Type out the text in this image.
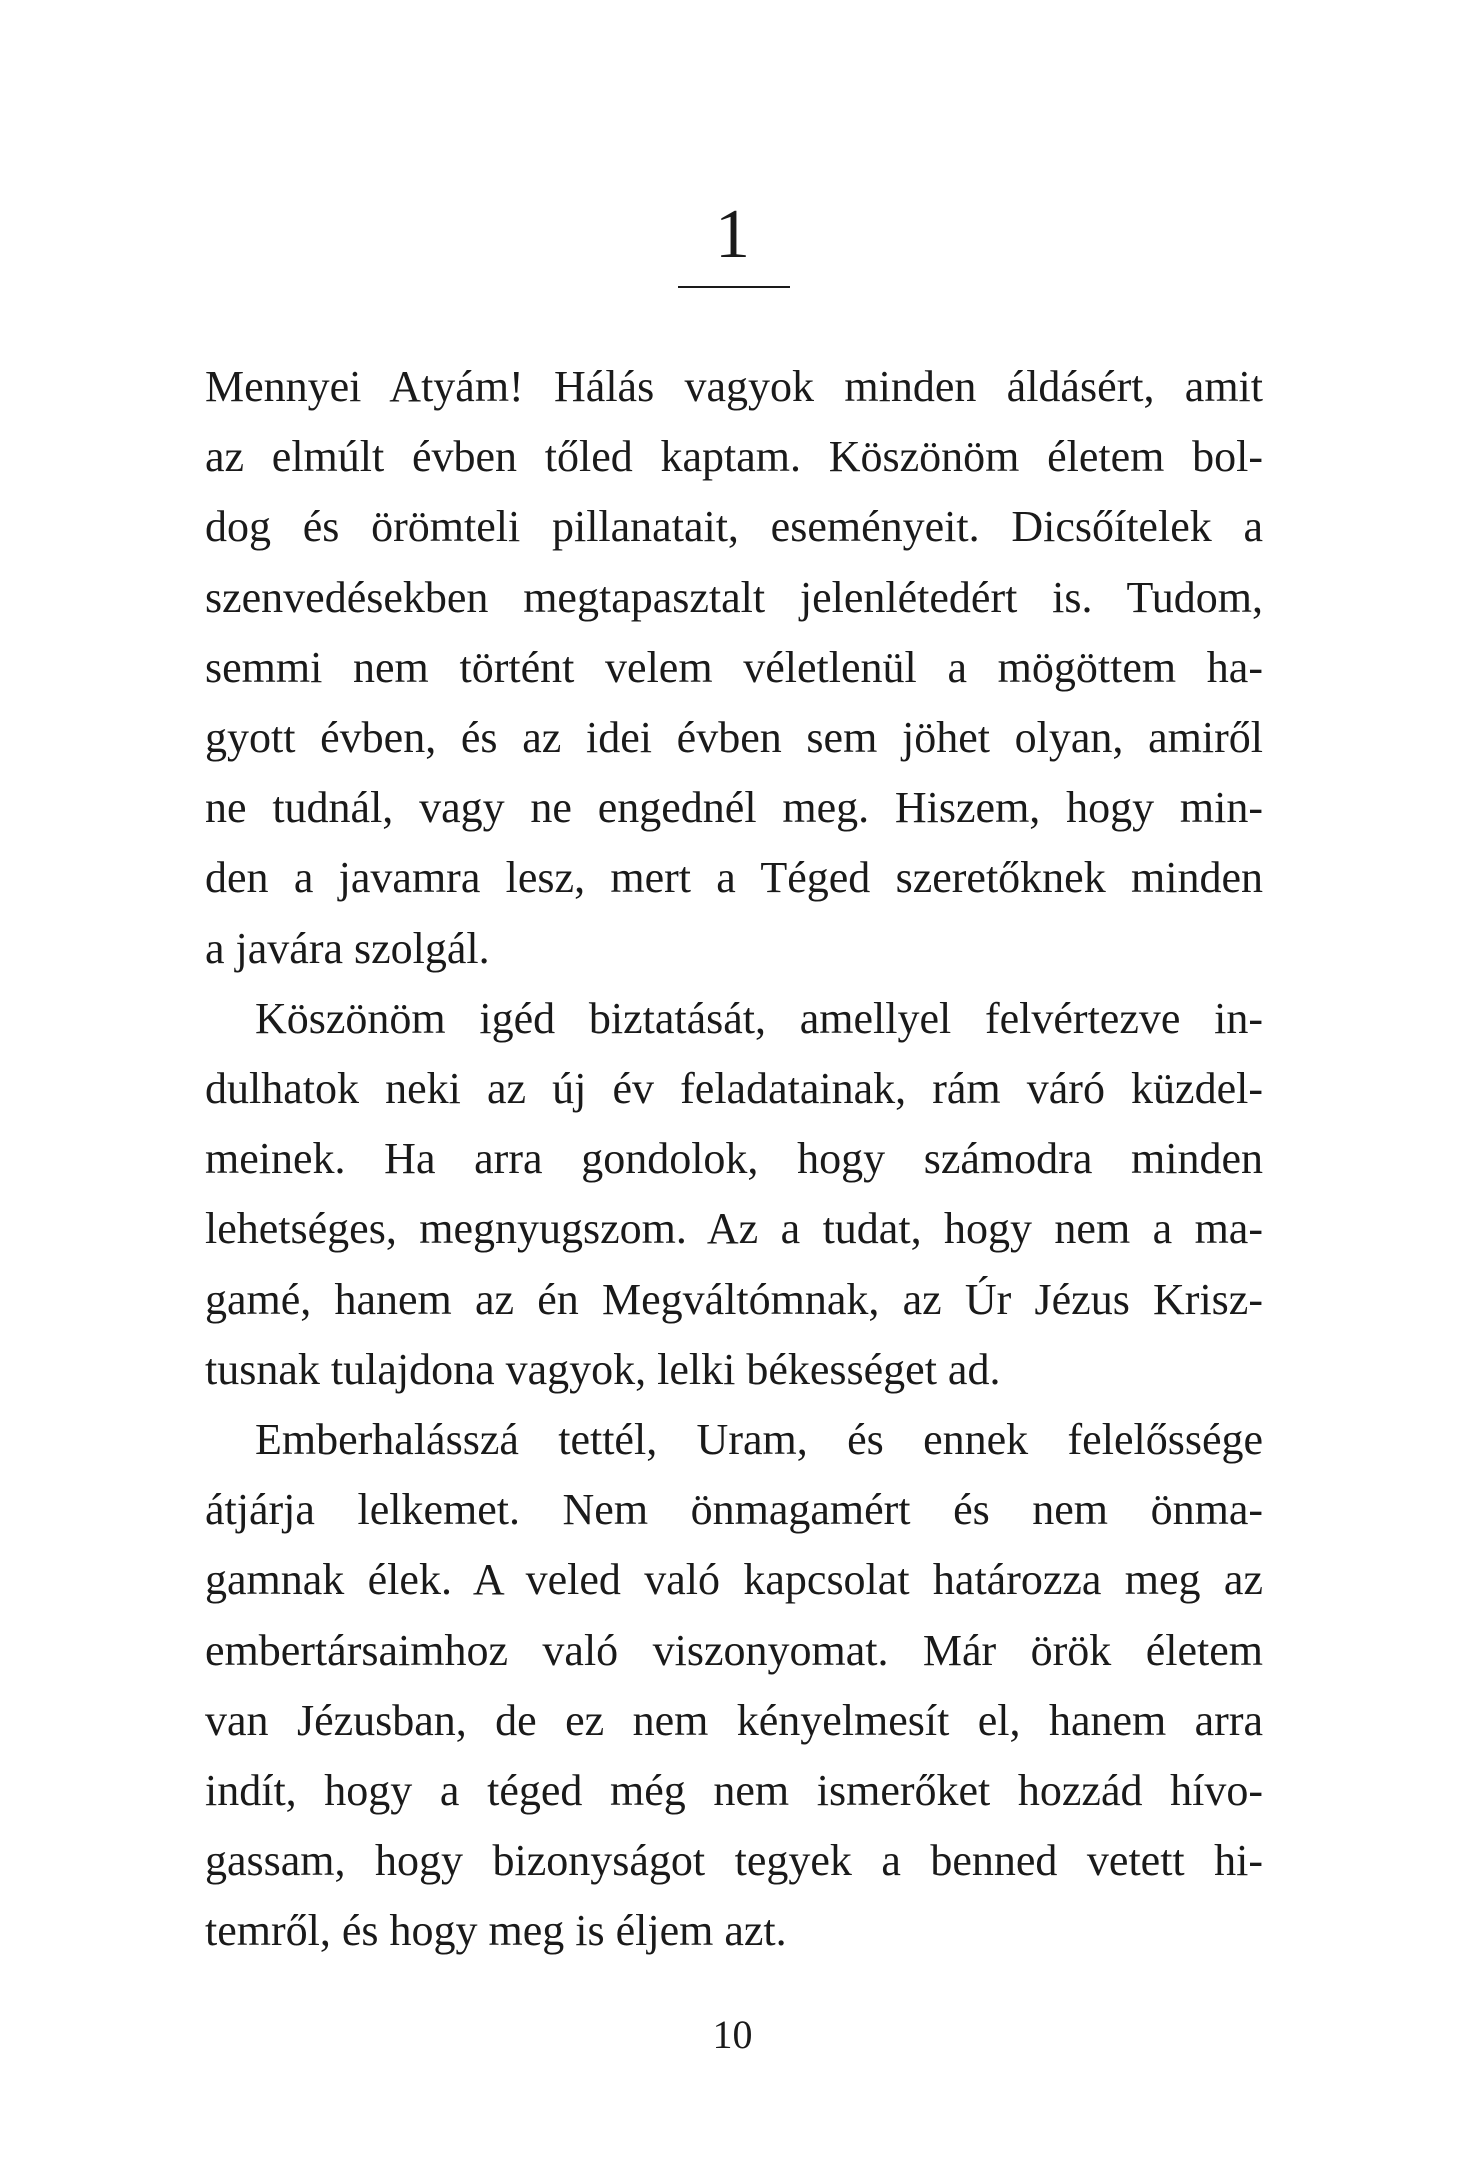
1

Mennyei Atyám! Hálás vagyok minden áldásért, amit
az elmúlt évben tőled kaptam. Köszönöm életem bol-
dog és örömteli pillanatait, eseményeit. Dicsőítelek a
szenvedésekben megtapasztalt jelenlétedért is. Tudom,
semmi nem történt velem véletlenül a mögöttem ha-
gyott évben, és az idei évben sem jöhet olyan, amiről
ne tudnál, vagy ne engednél meg. Hiszem, hogy min-
den a javamra lesz, mert a Téged szeretőknek minden
a javára szolgál.

Köszönöm igéd biztatását, amellyel felvértezve in-
dulhatok neki az új év feladatainak, rám váró küzdel-
meinek. Ha arra gondolok, hogy számodra minden
lehetséges, megnyugszom. Az a tudat, hogy nem a ma-
gamé, hanem az én Megváltómnak, az Úr Jézus Krisz-
tusnak tulajdona vagyok, lelki békességet ad.

Emberhalásszá tettél, Uram, és ennek felelőssége
átjárja lelkemet. Nem önmagamért és nem önma-
gamnak élek. A veled való kapcsolat határozza meg az
embertársaimhoz való viszonyomat. Már örök életem
van Jézusban, de ez nem kényelmesít el, hanem arra
indít, hogy a téged még nem ismerőket hozzád hívo-
gassam, hogy bizonyságot tegyek a benned vetett hi-
temről, és hogy meg is éljem azt.

10
